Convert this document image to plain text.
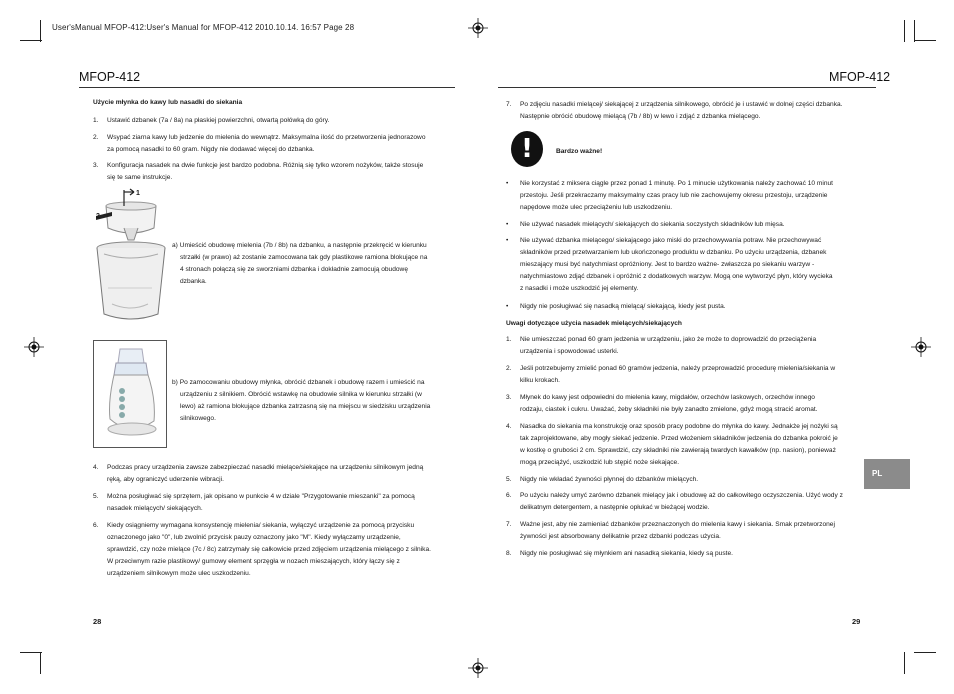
User'sManual MFOP-412:User's Manual for MFOP-412 2010.10.14. 16:57 Page 28
MFOP-412	MFOP-412
Użycie młynka do kawy lub nasadki do siekania
1. Ustawić dzbanek (7a / 8a) na płaskiej powierzchni, otwartą połówką do góry.
2. Wsypać ziarna kawy lub jedzenie do mielenia do wewnątrz. Maksymalna ilość do przetworzenia jednorazowo
za pomocą nasadki to 60 gram. Nigdy nie dodawać więcej do dzbanka.
3. Konfiguracja nasadek na dwie funkcje jest bardzo podobna. Różnią się tylko wzorem nożyków, także stosuje
się te same instrukcje.
1
2
a) Umieścić obudowę mielenia (7b / 8b) na dzbanku, a następnie przekręcić w kierunku
strzałki (w prawo) aż zostanie zamocowana tak gdy plastikowe ramiona blokujące na
4 stronach połączą się ze sworzniami dzbanka i dokładnie zamocują obudowę
dzbanka.
b) Po zamocowaniu obudowy młynka, obrócić dzbanek i obudowę razem i umieścić na
urządzeniu z silnikiem. Obrócić wstawkę na obudowie silnika w kierunku strzałki (w
lewo) aż ramiona blokujące dzbanka zatrzasną się na miejscu w siedzisku urządzenia
silnikowego.
4. Podczas pracy urządzenia zawsze zabezpieczać nasadki mielące/siekające na urządzeniu silnikowym jedną
ręką, aby ograniczyć uderzenie wibracji.
5. Można posługiwać się sprzętem, jak opisano w punkcie 4 w dziale "Przygotowanie mieszanki" za pomocą
nasadek mielących/ siekających.
6. Kiedy osiągniemy wymagana konsystencję mielenia/ siekania, wyłączyć urządzenie za pomocą przycisku
oznaczonego jako "0", lub zwolnić przycisk pauzy oznaczony jako "M". Kiedy wyłączamy urządzenie,
sprawdzić, czy noże mielące (7c / 8c) zatrzymały się całkowicie przed zdjęciem urządzenia mielącego z silnika.
W przeciwnym razie plastikowy/ gumowy element sprzęgła w nozach mieszających, który łączy się z
urządzeniem silnikowym może ulec uszkodzeniu.
28
7. Po zdjęciu nasadki mielącej/ siekającej z urządzenia silnikowego, obrócić je i ustawić w dolnej części dzbanka.
Następnie obrócić obudowę mielącą (7b / 8b) w lewo i zdjąć z dzbanka mielącego.
!	Bardzo ważne!
• Nie korzystać z miksera ciągle przez ponad 1 minutę. Po 1 minucie użytkowania należy zachować 10 minut
przestoju. Jeśli przekraczamy maksymalny czas pracy lub nie zachowujemy okresu przestoju, urządzenie
napędowe może ulec przeciążeniu lub uszkodzeniu.
• Nie używać nasadek mielących/ siekających do siekania soczystych składników lub mięsa.
• Nie używać dzbanka mielącego/ siekającego jako miski do przechowywania potraw. Nie przechowywać
składników przed przetwarzaniem lub ukończonego produktu w dzbanku. Po użyciu urządzenia, dzbanek
mieszający musi być natychmiast opróżniony. Jest to bardzo ważne- zwłaszcza po siekaniu warzyw -
natychmiastowo zdjąć dzbanek i opróżnić z dodatkowych warzyw. Mogą one wytworzyć płyn, który wycieka
z nasadki i może uszkodzić jej elementy.
• Nigdy nie posługiwać się nasadką mielącą/ siekającą, kiedy jest pusta.
Uwagi dotyczące użycia nasadek mielących/siekających
1. Nie umieszczać ponad 60 gram jedzenia w urządzeniu, jako że może to doprowadzić do przeciążenia
urządzenia i spowodować usterki.
2. Jeśli potrzebujemy zmielić ponad 60 gramów jedzenia, należy przeprowadzić procedurę mielenia/siekania w
kilku krokach.
3. Młynek do kawy jest odpowiedni do mielenia kawy, migdałów, orzechów laskowych, orzechów innego
rodzaju, ciastek i cukru. Uważać, żeby składniki nie były zanadto zmielone, gdyż mogą stracić aromat.
4. Nasadka do siekania ma konstrukcję oraz sposób pracy podobne do młynka do kawy. Jednakże jej nożyki są
tak zaprojektowane, aby mogły siekać jedzenie. Przed włożeniem składników jedzenia do dzbanka pokroić je
w kostkę o grubości 2 cm. Sprawdzić, czy składniki nie zawierają twardych kawałków (np. nasion), ponieważ
mogą przeciążyć, uszkodzić lub stępić noże siekające.
5. Nigdy nie wkładać żywności płynnej do dzbanków mielących.
6. Po użyciu należy umyć zarówno dzbanek mielący jak i obudowę aż do całkowitego oczyszczenia. Użyć wody z
delikatnym detergentem, a następnie opłukać w bieżącej wodzie.
7. Ważne jest, aby nie zamieniać dzbanków przeznaczonych do mielenia kawy i siekania. Smak przetworzonej
żywności jest absorbowany delikatnie przez dzbanki podczas użycia.
8. Nigdy nie posługiwać się młynkiem ani nasadką siekania, kiedy są puste.
PL
29
